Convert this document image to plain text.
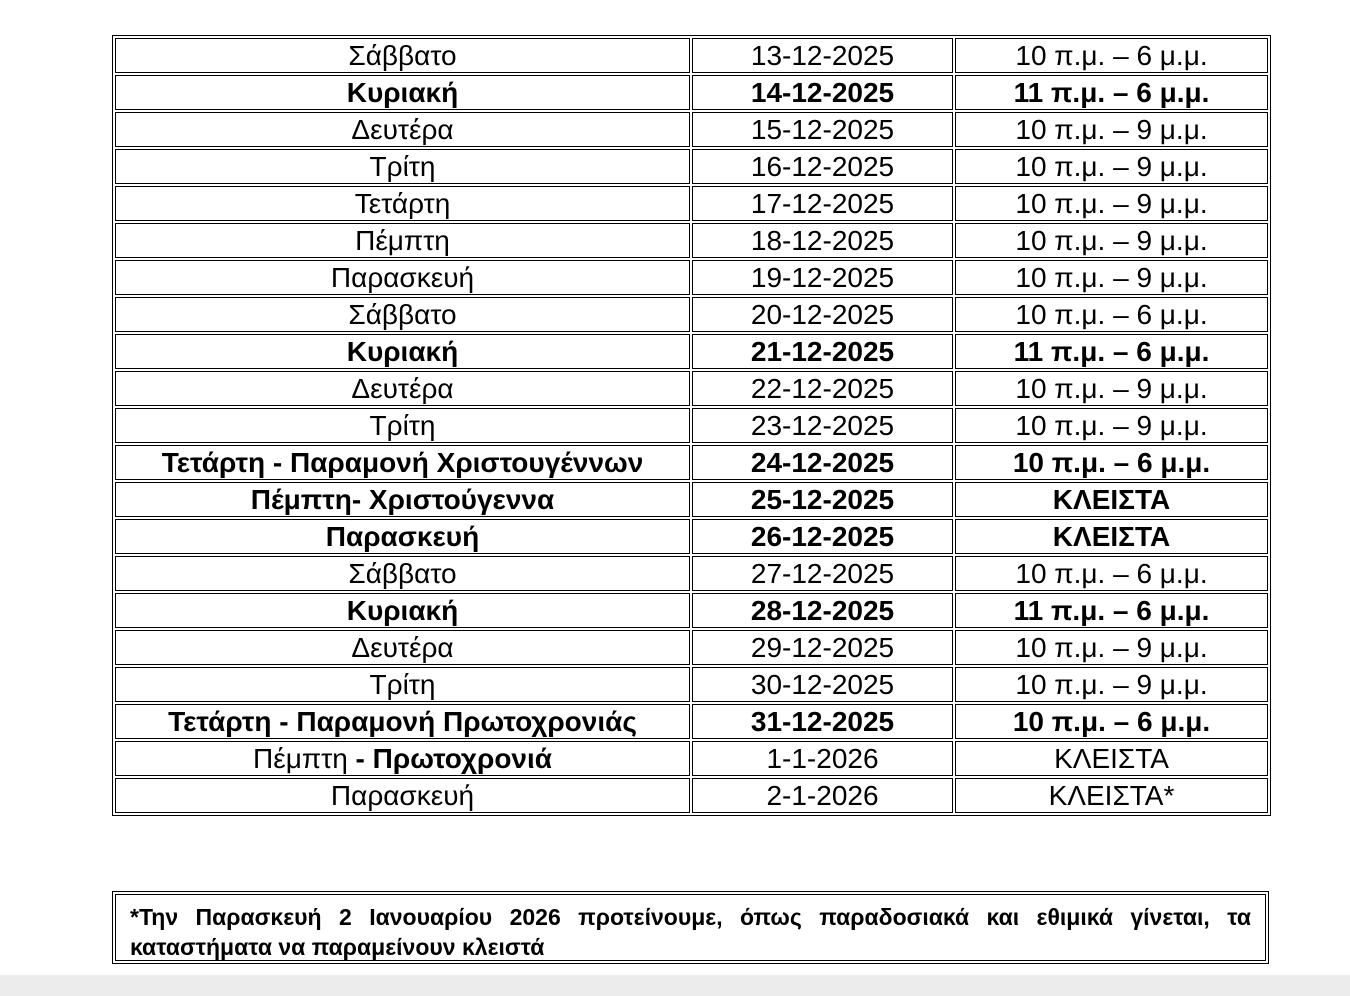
Σάββατο	13-12-2025	10 π.μ. – 6 μ.μ.
Κυριακή	14-12-2025	11 π.μ. – 6 μ.μ.
Δευτέρα	15-12-2025	10 π.μ. – 9 μ.μ.
Τρίτη	16-12-2025	10 π.μ. – 9 μ.μ.
Τετάρτη	17-12-2025	10 π.μ. – 9 μ.μ.
Πέμπτη	18-12-2025	10 π.μ. – 9 μ.μ.
Παρασκευή	19-12-2025	10 π.μ. – 9 μ.μ.
Σάββατο	20-12-2025	10 π.μ. – 6 μ.μ.
Κυριακή	21-12-2025	11 π.μ. – 6 μ.μ.
Δευτέρα	22-12-2025	10 π.μ. – 9 μ.μ.
Τρίτη	23-12-2025	10 π.μ. – 9 μ.μ.
Τετάρτη - Παραμονή Χριστουγέννων	24-12-2025	10 π.μ. – 6 μ.μ.
Πέμπτη- Χριστούγεννα	25-12-2025	ΚΛΕΙΣΤΑ
Παρασκευή	26-12-2025	ΚΛΕΙΣΤΑ
Σάββατο	27-12-2025	10 π.μ. – 6 μ.μ.
Κυριακή	28-12-2025	11 π.μ. – 6 μ.μ.
Δευτέρα	29-12-2025	10 π.μ. – 9 μ.μ.
Τρίτη	30-12-2025	10 π.μ. – 9 μ.μ.
Τετάρτη - Παραμονή Πρωτοχρονιάς	31-12-2025	10 π.μ. – 6 μ.μ.
Πέμπτη - Πρωτοχρονιά	1-1-2026	ΚΛΕΙΣΤΑ
Παρασκευή	2-1-2026	ΚΛΕΙΣΤΑ*
*Την Παρασκευή 2 Ιανουαρίου 2026 προτείνουμε, όπως παραδοσιακά και εθιμικά γίνεται, τα καταστήματα να παραμείνουν κλειστά
